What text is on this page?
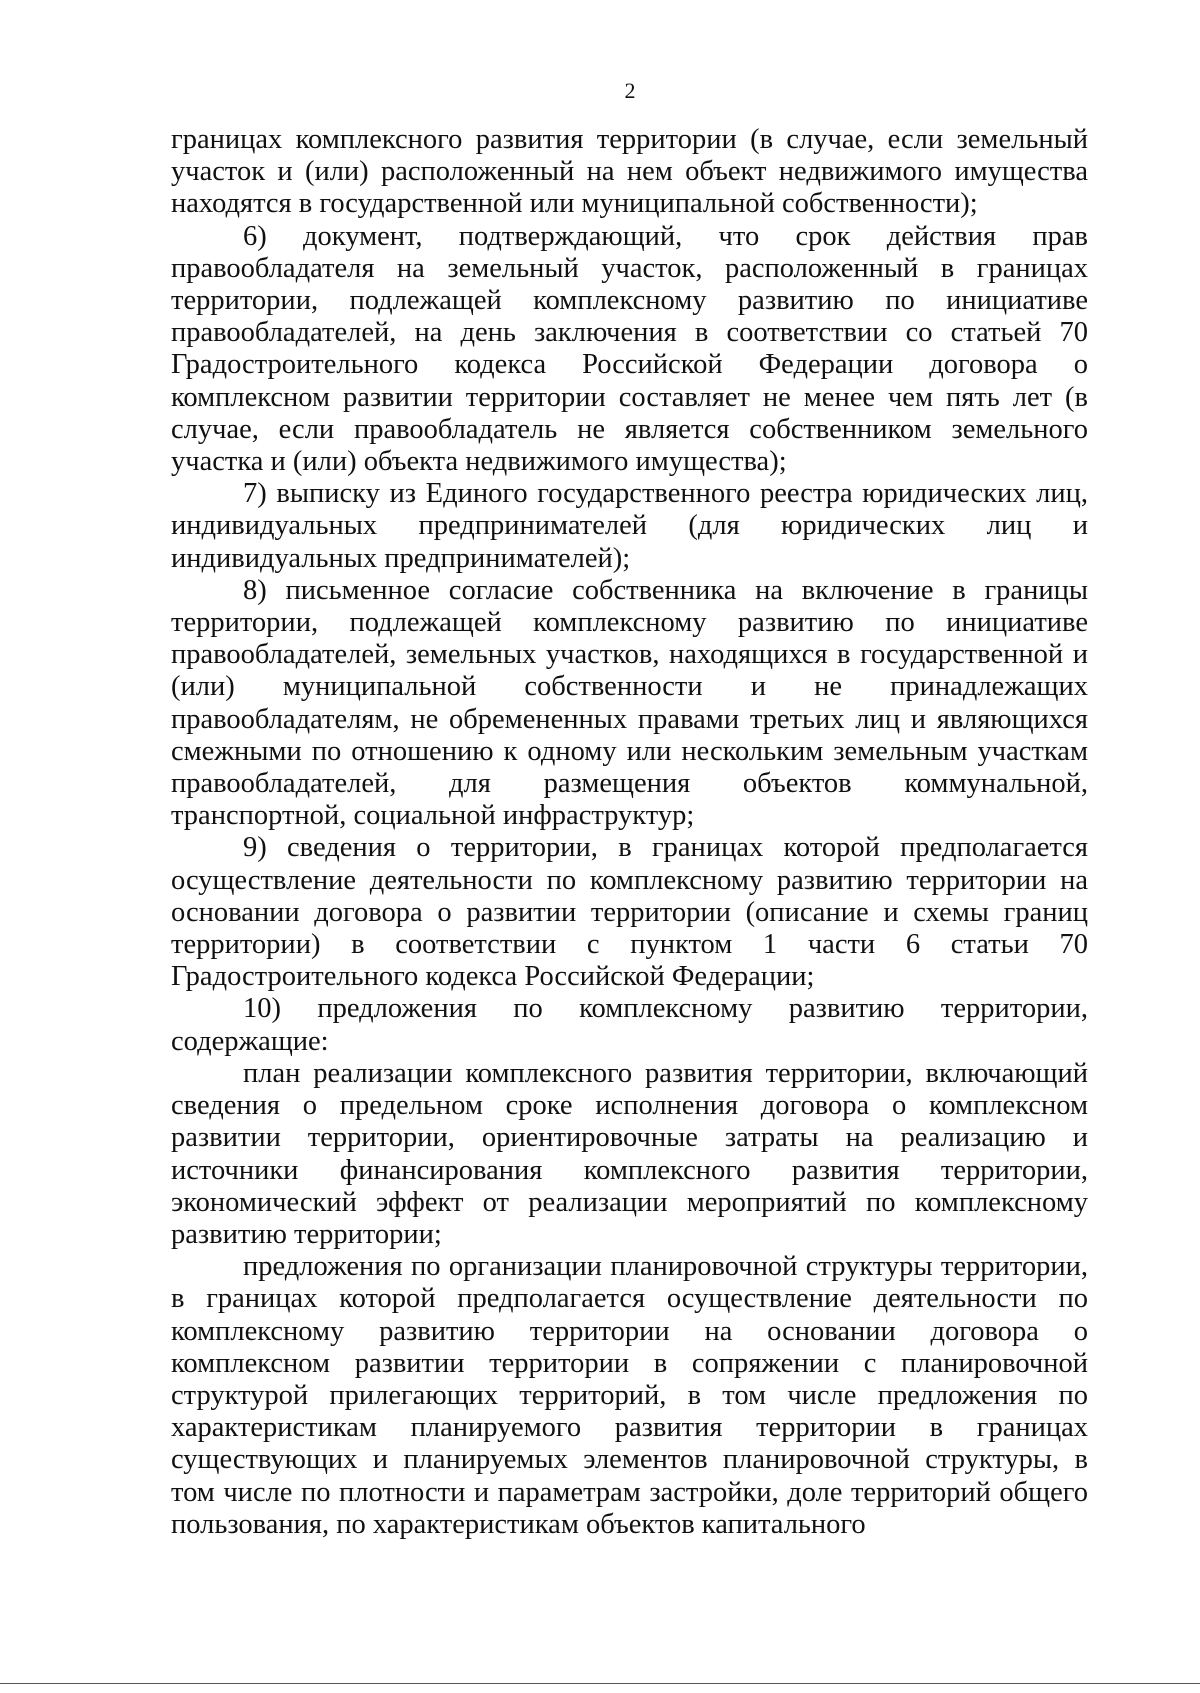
2

границах комплексного развития территории (в случае, если земельный участок и (или) расположенный на нем объект недвижимого имущества находятся в государственной или муниципальной собственности);

6) документ, подтверждающий, что срок действия прав правообладателя на земельный участок, расположенный в границах территории, подлежащей комплексному развитию по инициативе правообладателей, на день заключения в соответствии со статьей 70 Градостроительного кодекса Российской Федерации договора о комплексном развитии территории составляет не менее чем пять лет (в случае, если правообладатель не является собственником земельного участка и (или) объекта недвижимого имущества);

7) выписку из Единого государственного реестра юридических лиц, индивидуальных предпринимателей (для юридических лиц и индивидуальных предпринимателей);

8) письменное согласие собственника на включение в границы территории, подлежащей комплексному развитию по инициативе правообладателей, земельных участков, находящихся в государственной и (или) муниципальной собственности и не принадлежащих правообладателям, не обремененных правами третьих лиц и являющихся смежными по отношению к одному или нескольким земельным участкам правообладателей, для размещения объектов коммунальной, транспортной, социальной инфраструктур;

9) сведения о территории, в границах которой предполагается осуществление деятельности по комплексному развитию территории на основании договора о развитии территории (описание и схемы границ территории) в соответствии с пунктом 1 части 6 статьи 70 Градостроительного кодекса Российской Федерации;

10) предложения по комплексному развитию территории, содержащие:

план реализации комплексного развития территории, включающий сведения о предельном сроке исполнения договора о комплексном развитии территории, ориентировочные затраты на реализацию и источники финансирования комплексного развития территории, экономический эффект от реализации мероприятий по комплексному развитию территории;

предложения по организации планировочной структуры территории, в границах которой предполагается осуществление деятельности по комплексному развитию территории на основании договора о комплексном развитии территории в сопряжении с планировочной структурой прилегающих территорий, в том числе предложения по характеристикам планируемого развития территории в границах существующих и планируемых элементов планировочной структуры, в том числе по плотности и параметрам застройки, доле территорий общего пользования, по характеристикам объектов капитального
